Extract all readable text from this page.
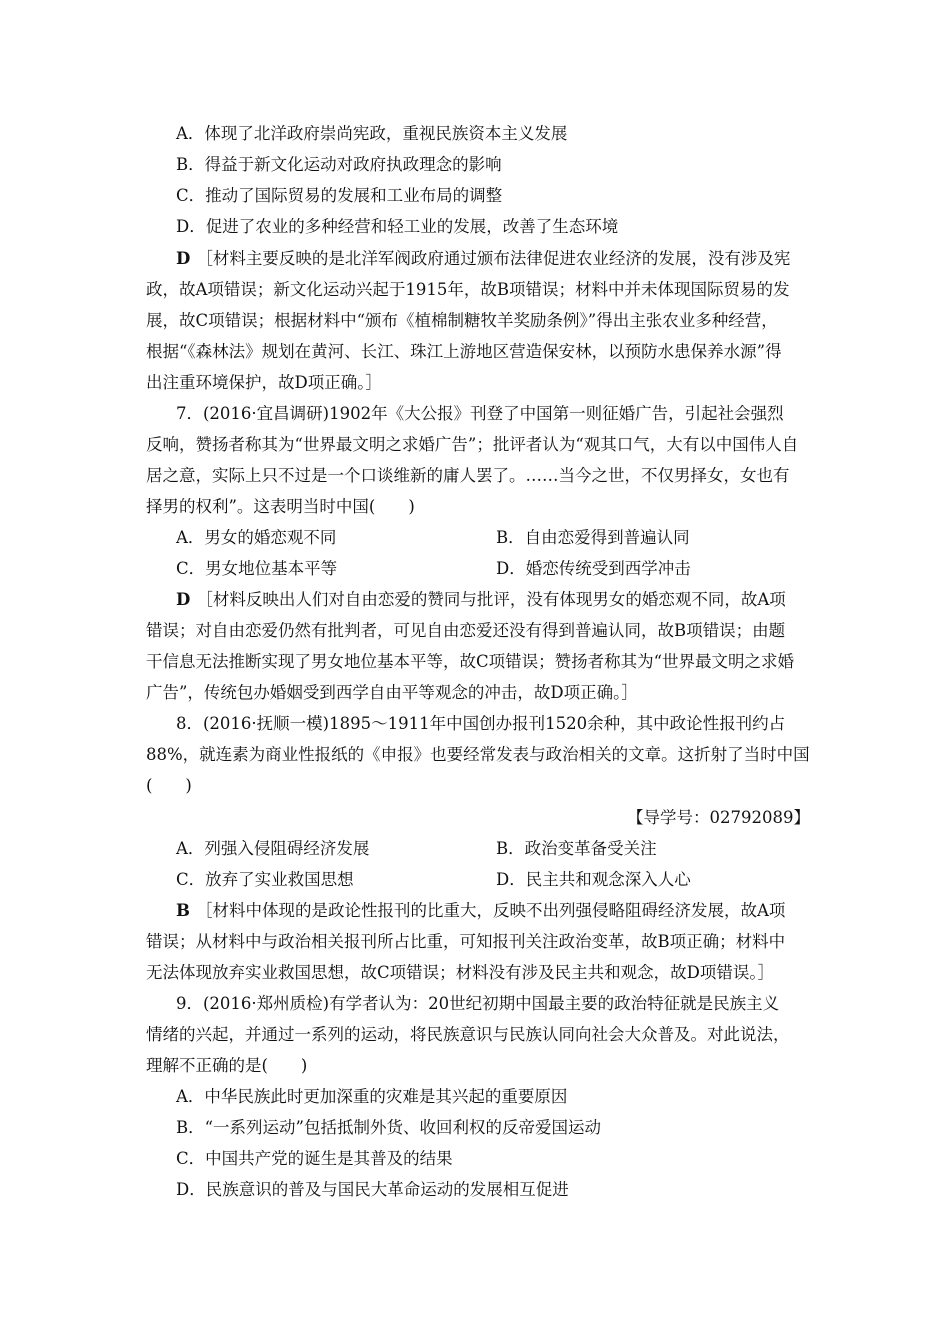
A．体现了北洋政府崇尚宪政，重视民族资本主义发展
B．得益于新文化运动对政府执政理念的影响
C．推动了国际贸易的发展和工业布局的调整
D．促进了农业的多种经营和轻工业的发展，改善了生态环境
D ［材料主要反映的是北洋军阀政府通过颁布法律促进农业经济的发展，没有涉及宪
政，故A项错误；新文化运动兴起于1915年，故B项错误；材料中并未体现国际贸易的发
展，故C项错误；根据材料中“颁布《植棉制糖牧羊奖励条例》”得出主张农业多种经营，
根据“《森林法》规划在黄河、长江、珠江上游地区营造保安林，以预防水患保养水源”得
出注重环境保护，故D项正确。］
7．(2016·宜昌调研)1902年《大公报》刊登了中国第一则征婚广告，引起社会强烈
反响，赞扬者称其为“世界最文明之求婚广告”；批评者认为“观其口气，大有以中国伟人自
居之意，实际上只不过是一个口谈维新的庸人罢了。……当今之世，不仅男择女，女也有
择男的权利”。这表明当时中国(　　)
A．男女的婚恋观不同	B．自由恋爱得到普遍认同
C．男女地位基本平等	D．婚恋传统受到西学冲击
D ［材料反映出人们对自由恋爱的赞同与批评，没有体现男女的婚恋观不同，故A项
错误；对自由恋爱仍然有批判者，可见自由恋爱还没有得到普遍认同，故B项错误；由题
干信息无法推断实现了男女地位基本平等，故C项错误；赞扬者称其为“世界最文明之求婚
广告”，传统包办婚姻受到西学自由平等观念的冲击，故D项正确。］
8．(2016·抚顺一模)1895～1911年中国创办报刊1520余种，其中政论性报刊约占
88%，就连素为商业性报纸的《申报》也要经常发表与政治相关的文章。这折射了当时中国
(　　)
【导学号：02792089】
A．列强入侵阻碍经济发展	B．政治变革备受关注
C．放弃了实业救国思想	D．民主共和观念深入人心
B ［材料中体现的是政论性报刊的比重大，反映不出列强侵略阻碍经济发展，故A项
错误；从材料中与政治相关报刊所占比重，可知报刊关注政治变革，故B项正确；材料中
无法体现放弃实业救国思想，故C项错误；材料没有涉及民主共和观念，故D项错误。］
9．(2016·郑州质检)有学者认为：20世纪初期中国最主要的政治特征就是民族主义
情绪的兴起，并通过一系列的运动，将民族意识与民族认同向社会大众普及。对此说法，
理解不正确的是(　　)
A．中华民族此时更加深重的灾难是其兴起的重要原因
B．“一系列运动”包括抵制外货、收回利权的反帝爱国运动
C．中国共产党的诞生是其普及的结果
D．民族意识的普及与国民大革命运动的发展相互促进
